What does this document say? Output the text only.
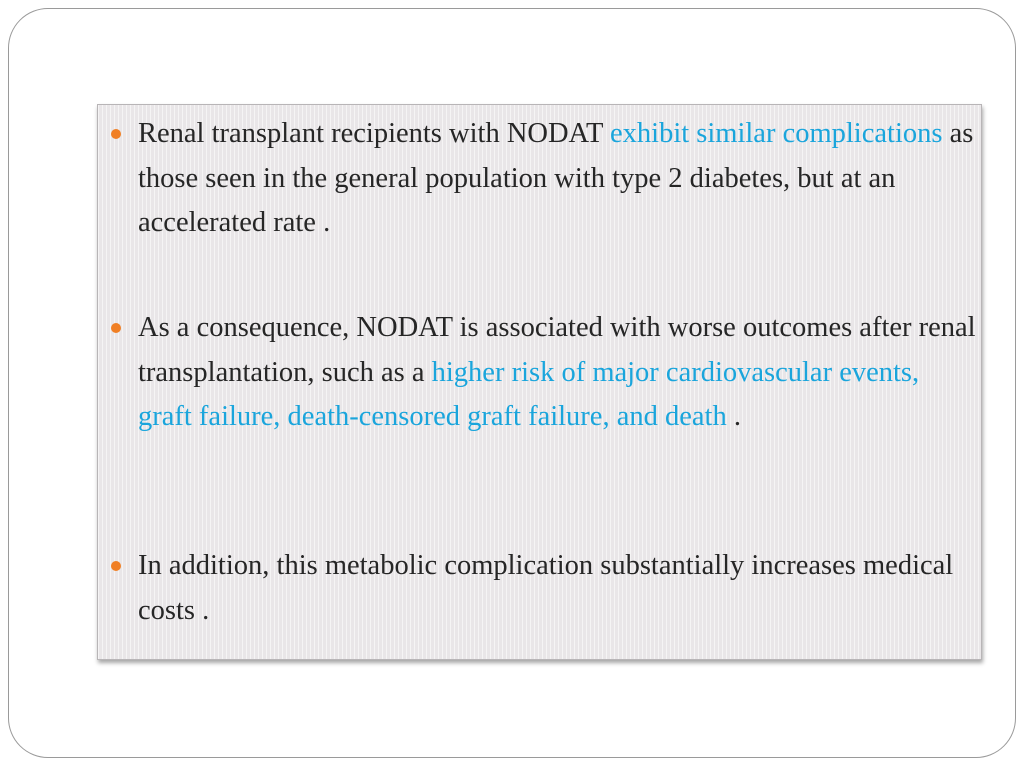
Renal transplant recipients with NODAT exhibit similar complications as those seen in the general population with type 2 diabetes, but at an accelerated rate .
As a consequence, NODAT is associated with worse outcomes after renal transplantation, such as a higher risk of major cardiovascular events, graft failure, death-censored graft failure, and death .
In addition, this metabolic complication substantially increases medical costs .
